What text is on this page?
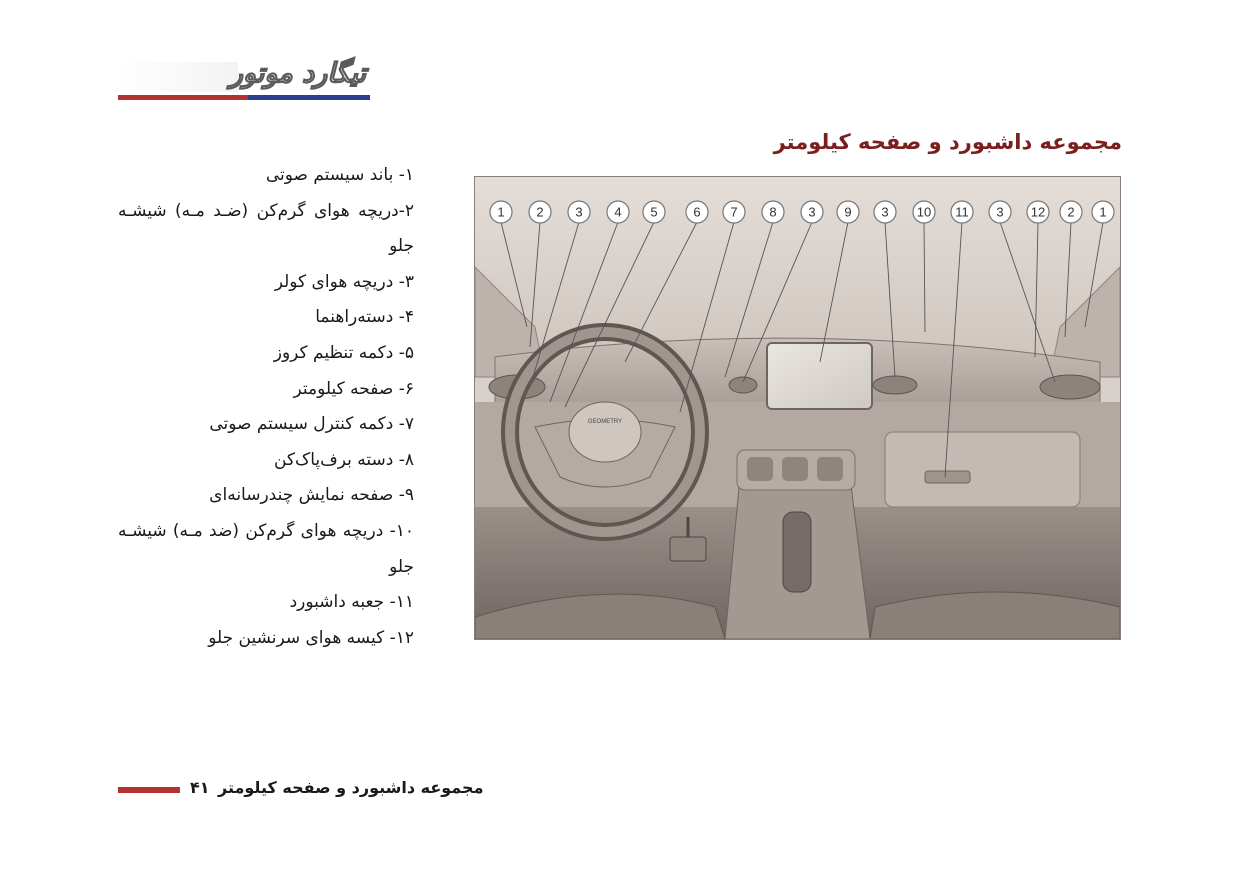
تیگارد موتور
مجموعه داشبورد و صفحه کیلومتر

۱- باند سیستم صوتی

۲-دریچه هوای گرم‌کن (ضـد مـه) شیشـه جلو

۳- دریچه هوای کولر

۴- دسته‌راهنما

۵- دکمه تنظیم کروز

۶- صفحه کیلومتر

۷- دکمه کنترل سیستم صوتی

۸- دسته برف‌پاک‌کن

۹- صفحه نمایش چندرسانه‌ای

۱۰- دریچه هوای گرم‌کن (ضد مـه) شیشـه جلو

۱۱- جعبه داشبورد

۱۲- کیسه هوای سرنشین جلو

GEOMETRY
1 2 3 4 5	6 7 8 3 9 3 10 11 3 12 2 1
۴۱ مجموعه داشبورد و صفحه کیلومتر
